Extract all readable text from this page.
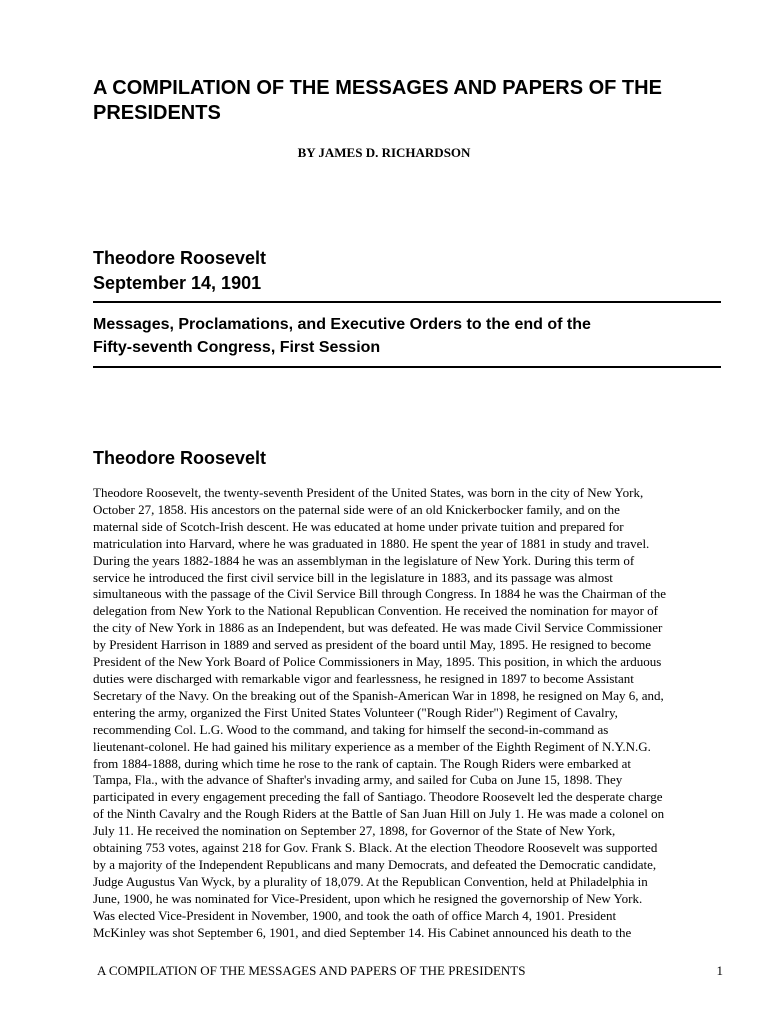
A COMPILATION OF THE MESSAGES AND PAPERS OF THE
PRESIDENTS

BY JAMES D. RICHARDSON

Theodore Roosevelt
September 14, 1901
Messages, Proclamations, and Executive Orders to the end of the
Fifty-seventh Congress, First Session
Theodore Roosevelt
Theodore Roosevelt, the twenty-seventh President of the United States, was born in the city of New York,
October 27, 1858. His ancestors on the paternal side were of an old Knickerbocker family, and on the
maternal side of Scotch-Irish descent. He was educated at home under private tuition and prepared for
matriculation into Harvard, where he was graduated in 1880. He spent the year of 1881 in study and travel.
During the years 1882-1884 he was an assemblyman in the legislature of New York. During this term of
service he introduced the first civil service bill in the legislature in 1883, and its passage was almost
simultaneous with the passage of the Civil Service Bill through Congress. In 1884 he was the Chairman of the
delegation from New York to the National Republican Convention. He received the nomination for mayor of
the city of New York in 1886 as an Independent, but was defeated. He was made Civil Service Commissioner
by President Harrison in 1889 and served as president of the board until May, 1895. He resigned to become
President of the New York Board of Police Commissioners in May, 1895. This position, in which the arduous
duties were discharged with remarkable vigor and fearlessness, he resigned in 1897 to become Assistant
Secretary of the Navy. On the breaking out of the Spanish-American War in 1898, he resigned on May 6, and,
entering the army, organized the First United States Volunteer ("Rough Rider") Regiment of Cavalry,
recommending Col. L.G. Wood to the command, and taking for himself the second-in-command as
lieutenant-colonel. He had gained his military experience as a member of the Eighth Regiment of N.Y.N.G.
from 1884-1888, during which time he rose to the rank of captain. The Rough Riders were embarked at
Tampa, Fla., with the advance of Shafter's invading army, and sailed for Cuba on June 15, 1898. They
participated in every engagement preceding the fall of Santiago. Theodore Roosevelt led the desperate charge
of the Ninth Cavalry and the Rough Riders at the Battle of San Juan Hill on July 1. He was made a colonel on
July 11. He received the nomination on September 27, 1898, for Governor of the State of New York,
obtaining 753 votes, against 218 for Gov. Frank S. Black. At the election Theodore Roosevelt was supported
by a majority of the Independent Republicans and many Democrats, and defeated the Democratic candidate,
Judge Augustus Van Wyck, by a plurality of 18,079. At the Republican Convention, held at Philadelphia in
June, 1900, he was nominated for Vice-President, upon which he resigned the governorship of New York.
Was elected Vice-President in November, 1900, and took the oath of office March 4, 1901. President
McKinley was shot September 6, 1901, and died September 14. His Cabinet announced his death to the
A COMPILATION OF THE MESSAGES AND PAPERS OF THE PRESIDENTS	1
